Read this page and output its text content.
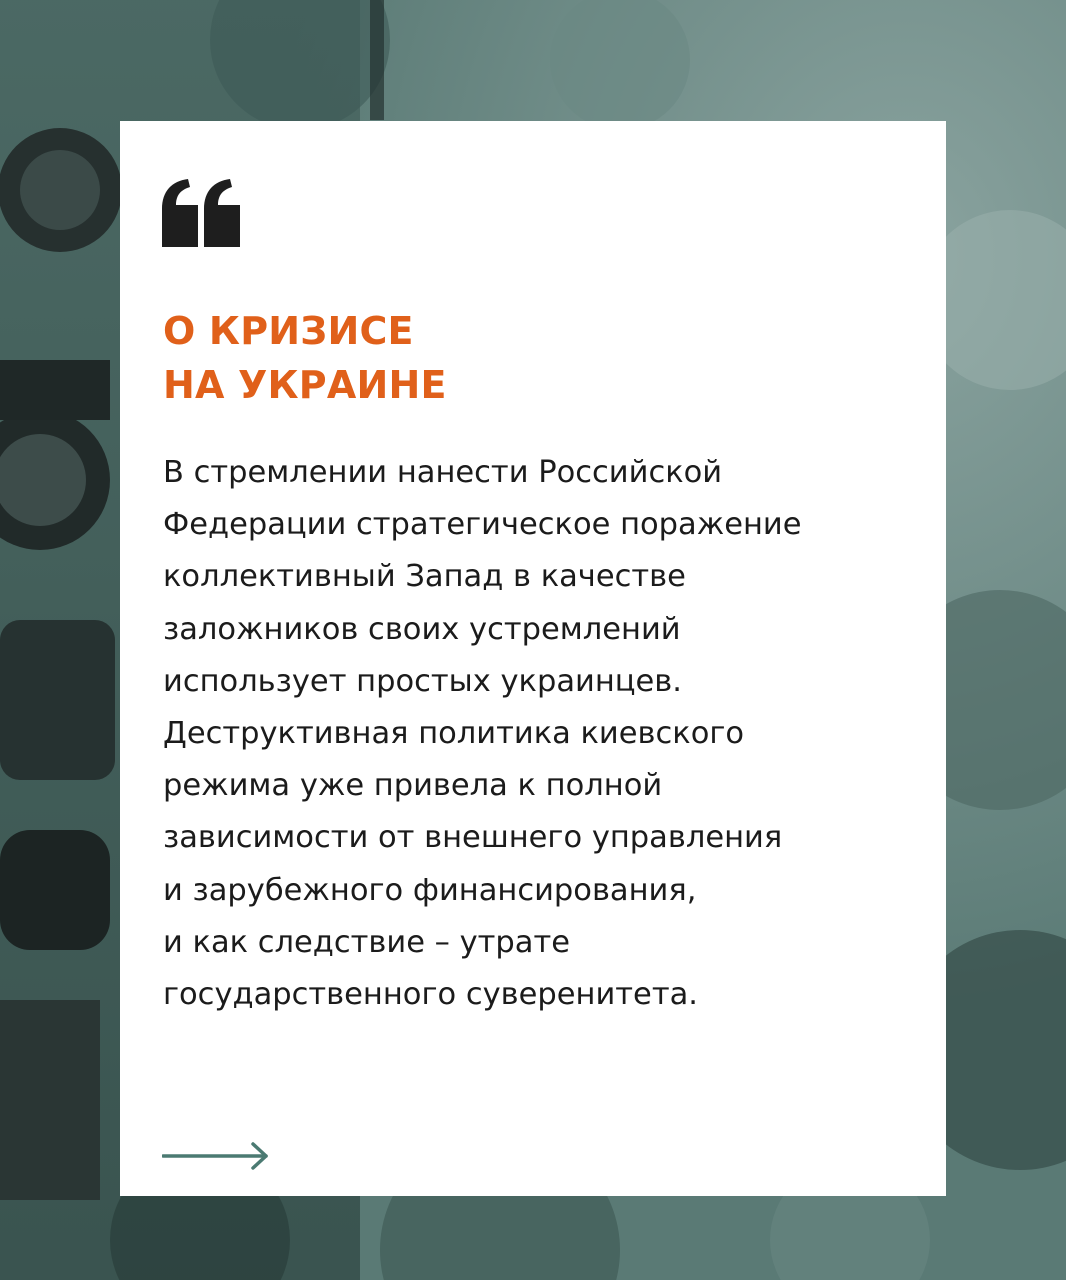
О КРИЗИСЕ
НА УКРАИНЕ
В стремлении нанести Российской
Федерации стратегическое поражение
коллективный Запад в качестве
заложников своих устремлений
использует простых украинцев.
Деструктивная политика киевского
режима уже привела к полной
зависимости от внешнего управления
и зарубежного финансирования,
и как следствие – утрате
государственного суверенитета.
